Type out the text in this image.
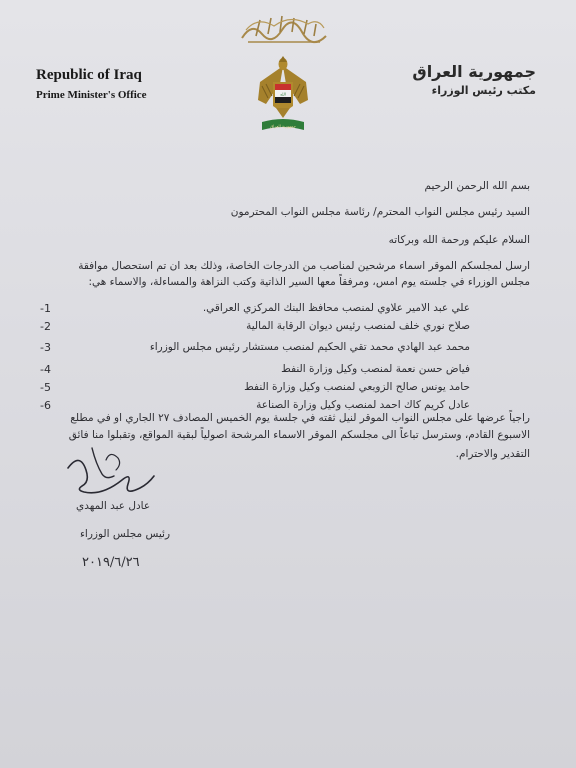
Republic of Iraq
Prime Minister's Office
جمهورية العراق
مكتب رئيس الوزراء
الله
جمهورية العراق
بسم الله الرحمن الرحيم
السيد رئيس مجلس النواب المحترم/ رئاسة مجلس النواب المحترمون
السلام عليكم ورحمة الله وبركاته
ارسل لمجلسكم الموقر اسماء مرشحين لمناصب من الدرجات الخاصة، وذلك بعد ان تم استحصال موافقة
مجلس الوزراء في جلسته يوم امس، ومرفقاً معها السير الذاتية وكتب النزاهة والمساءلة، والاسماء هي:
-1	علي عبد الامير علاوي لمنصب محافظ البنك المركزي العراقي.
-2	صلاح نوري خلف لمنصب رئيس ديوان الرقابة المالية
-3	محمد عبد الهادي محمد تقي الحكيم لمنصب مستشار رئيس مجلس الوزراء
-4	فياض حسن نعمة لمنصب وكيل وزارة النفط
-5	حامد يونس صالح الزوبعي لمنصب وكيل وزارة النفط
-6	عادل كريم كاك احمد لمنصب وكيل وزارة الصناعة
راجياً عرضها على مجلس النواب الموقر لنيل ثقته في جلسة يوم الخميس المصادف ٢٧ الجاري او في مطلع
الاسبوع القادم، وسترسل تباعاً الى مجلسكم الموقر الاسماء المرشحة اصولياً لبقية المواقع، وتقبلوا منا فائق
التقدير والاحترام.
عادل عبد المهدي
رئيس مجلس الوزراء
٢٠١٩/٦/٢٦
